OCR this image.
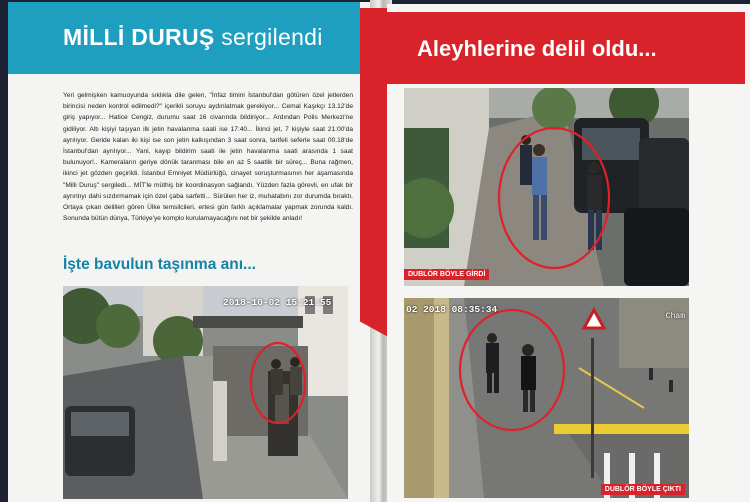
MİLLİ DURUŞ sergilendi
Yeri gelmişken kamuoyunda sıklıkla dile gelen, "İnfaz timini İstanbul'dan götüren özel jetlerden birincisi neden kontrol edilmedi?" içerikli soruyu aydınlatmak gerekiyor... Cemal Kaşıkçı 13.12'de giriş yapıyor... Hatice Cengiz, durumu saat 16 civarında bildiriyor... Ardından Polis Merkezi'ne gidiliyor. Altı kişiyi taşıyan ilk jetin havalanma saati ise 17:40... İkinci jet, 7 kişiyle saat 21:00'da ayrılıyor. Geride kalan iki kişi ise son jetin kalkışından 3 saat sonra, tarifeli seferle saat 00.18'de İstanbul'dan ayrılıyor... Yani, kayıp bildirim saati ile jetin havalanma saati arasında 1 saat bulunuyor!.. Kameraların geriye dönük taranması bile en az 5 saatlik bir süreç... Buna rağmen, ikinci jet gözden geçirildi. İstanbul Emniyet Müdürlüğü, cinayet soruşturmasının her aşamasında "Milli Duruş" sergiledi... MİT'le müthiş bir koordinasyon sağlandı. Yüzden fazla görevli, en ufak bir ayrıntıyı dahi sızdırmamak için özel çaba sarfetti... Sürülen her iz, muhatabını zor durumda bıraktı. Ortaya çıkan delilleri gören Ülke temsilcileri, ertesi gün farklı açıklamalar yapmak zorunda kaldı. Sonunda bütün dünya, Türkiye'ye komplo kurulamayacağını net bir şekilde anladı!
İşte bavulun taşınma anı...
2018-10-02 15:21:55
Aleyhlerine delil oldu...
DUBLÖR BÖYLE GİRDİ
02 2018 08:35:34
Cham
DUBLÖR BÖYLE ÇIKTI
